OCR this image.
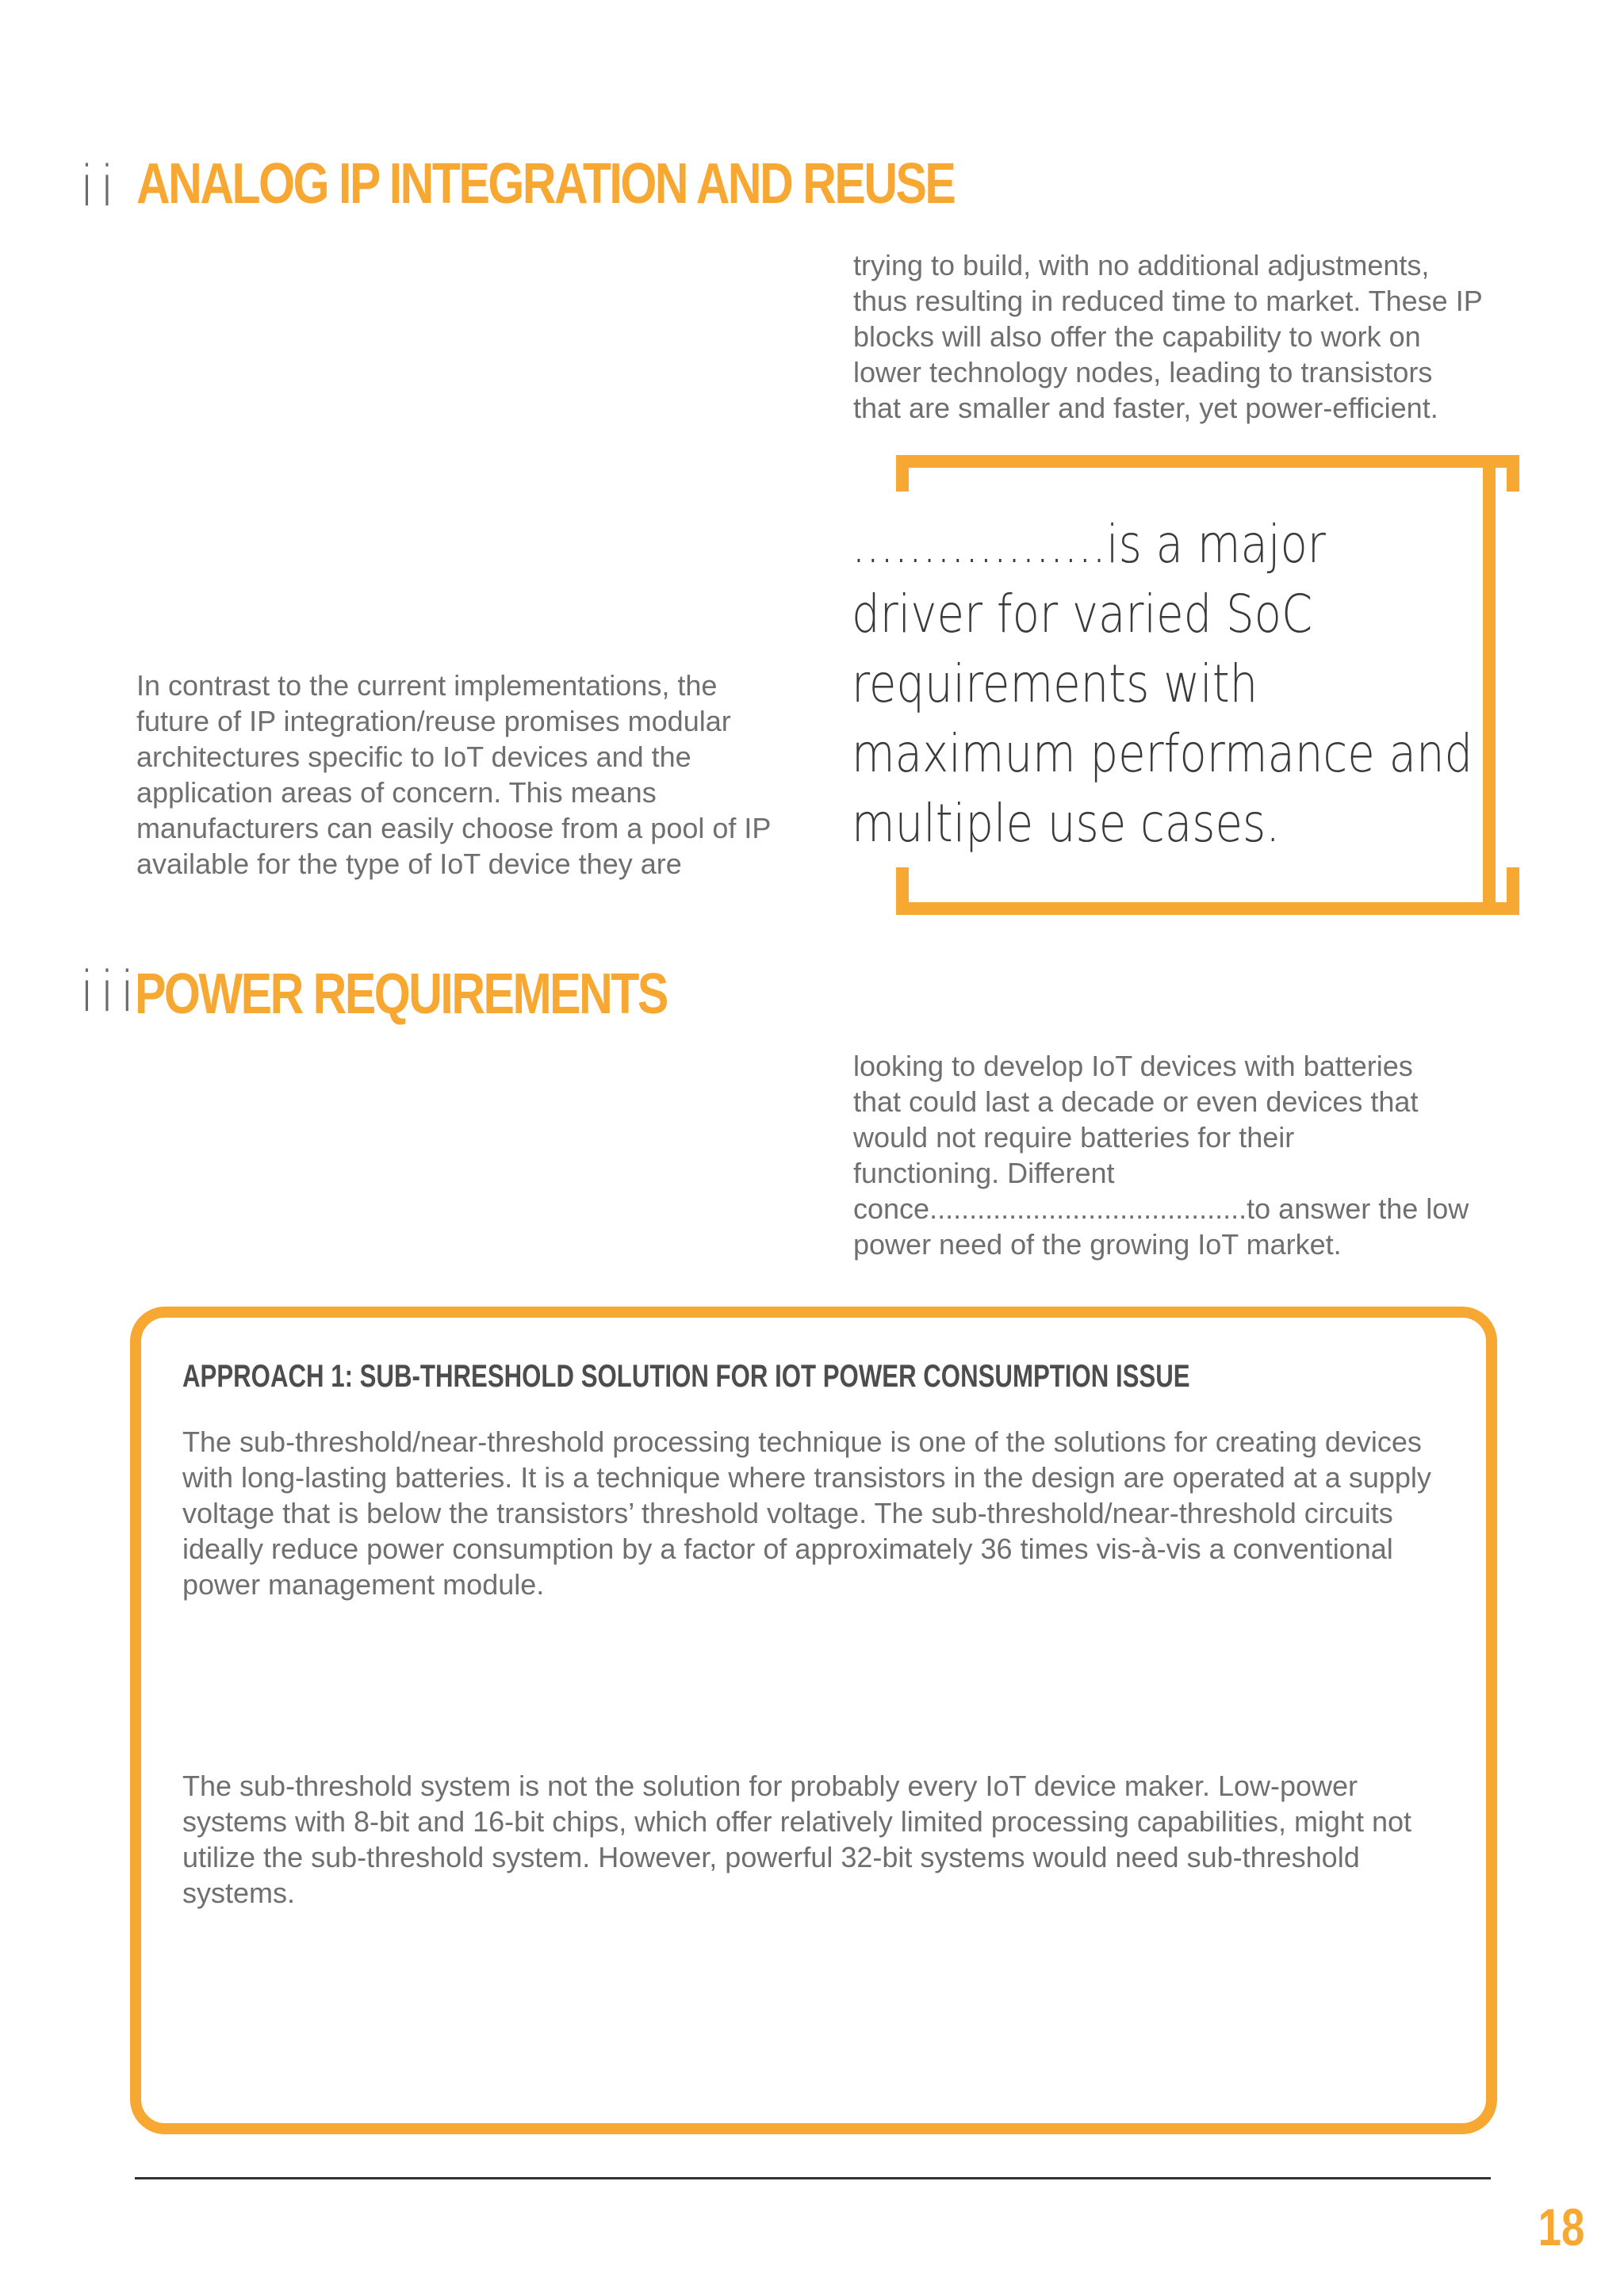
ii ANALOG IP INTEGRATION AND REUSE

trying to build, with no additional adjustments, thus resulting in reduced time to market. These IP blocks will also offer the capability to work on lower technology nodes, leading to transistors that are smaller and faster, yet power-efficient.

..................is a major

driver for varied SoC

requirements with

maximum performance and

multiple use cases.

In contrast to the current implementations, the future of IP integration/reuse promises modular architectures specific to IoT devices and the application areas of concern. This means manufacturers can easily choose from a pool of IP available for the type of IoT device they are

iii
POWER REQUIREMENTS

looking to develop IoT devices with batteries

that could last a decade or even devices that

would not require batteries for their

functioning. Different

conce........................................to answer the low

power need of the growing IoT market.

APPROACH 1: SUB-THRESHOLD SOLUTION FOR IOT POWER CONSUMPTION ISSUE

The sub-threshold/near-threshold processing technique is one of the solutions for creating devices with long-lasting batteries. It is a technique where transistors in the design are operated at a supply voltage that is below the transistors’ threshold voltage. The sub-threshold/near-threshold circuits ideally reduce power consumption by a factor of approximately 36 times vis-à-vis a conventional power management module.

The sub-threshold system is not the solution for probably every IoT device maker. Low-power systems with 8-bit and 16-bit chips, which offer relatively limited processing capabilities, might not utilize the sub-threshold system. However, powerful 32-bit systems would need sub-threshold systems.

18
